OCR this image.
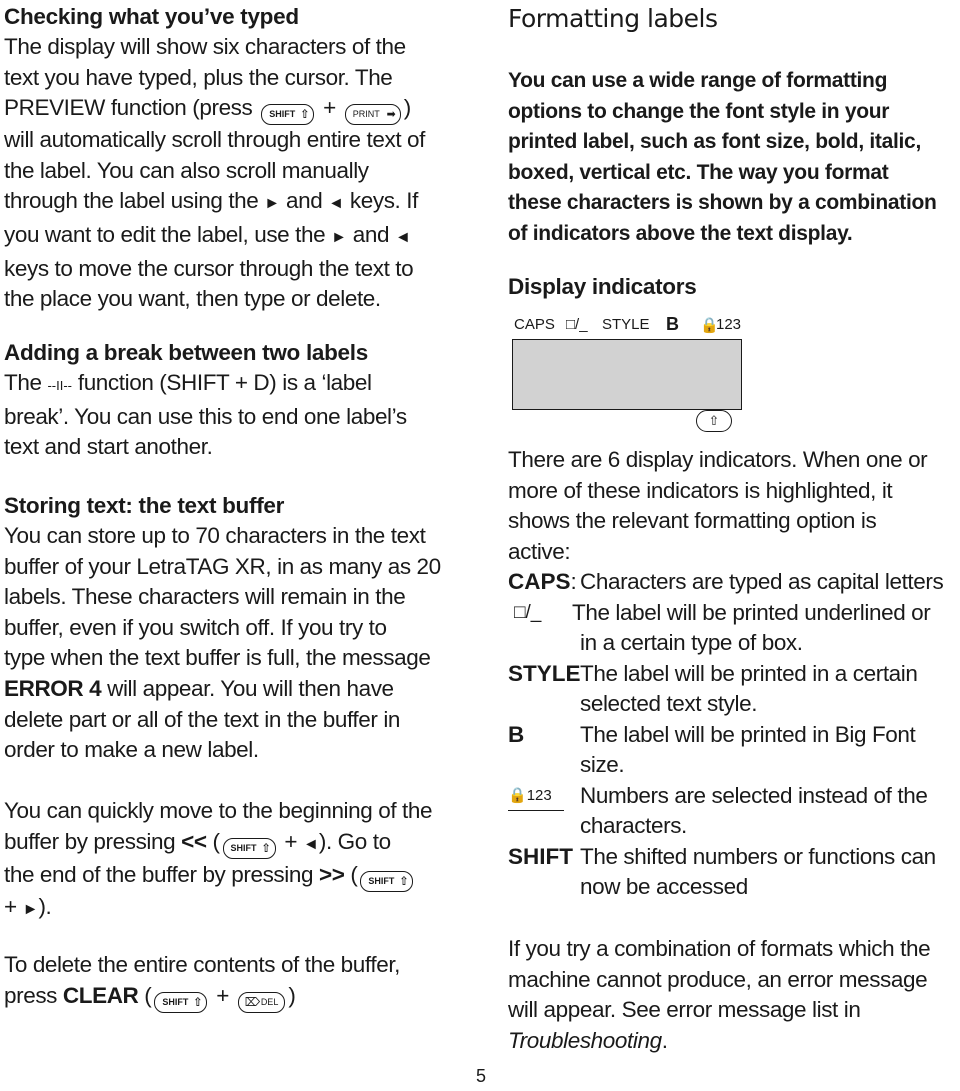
Checking what you’ve typed
The display will show six characters of the
text you have typed, plus the cursor. The
PREVIEW function (press SHIFT ⇧ + PRINT ➡ )
will automatically scroll through entire text of
the label. You can also scroll manually
through the label using the ► and ◄ keys. If
you want to edit the label, use the ► and ◄
keys to move the cursor through the text to
the place you want, then type or delete.
Adding a break between two labels
The --II-- function (SHIFT + D) is a ‘label
break’. You can use this to end one label’s
text and start another.
Storing text: the text buffer
You can store up to 70 characters in the text
buffer of your LetraTAG XR, in as many as 20
labels. These characters will remain in the
buffer, even if you switch off. If you try to
type when the text buffer is full, the message
ERROR 4 will appear. You will then have
delete part or all of the text in the buffer in
order to make a new label.
You can quickly move to the beginning of the
buffer by pressing << ( SHIFT ⇧ + ◄). Go to
the end of the buffer by pressing >> ( SHIFT ⇧
+ ►).
To delete the entire contents of the buffer,
press CLEAR ( SHIFT ⇧ + ⌦ DEL )
Formatting labels
You can use a wide range of formatting
options to change the font style in your
printed label, such as font size, bold, italic,
boxed, vertical etc. The way you format
these characters is shown by a combination
of indicators above the text display.
Display indicators
CAPS □/_ STYLE B 🔒
123
⇧
There are 6 display indicators. When one or
more of these indicators is highlighted, it
shows the relevant formatting option is
active:
CAPS: Characters are typed as capital letters
□/_ The label will be printed underlined or
in a certain type of box.
STYLE The label will be printed in a certain
selected text style.
B The label will be printed in Big Font
size.
🔒123 Numbers are selected instead of the
characters.
SHIFT The shifted numbers or functions can
now be accessed
If you try a combination of formats which the
machine cannot produce, an error message
will appear. See error message list in
Troubleshooting.
5
